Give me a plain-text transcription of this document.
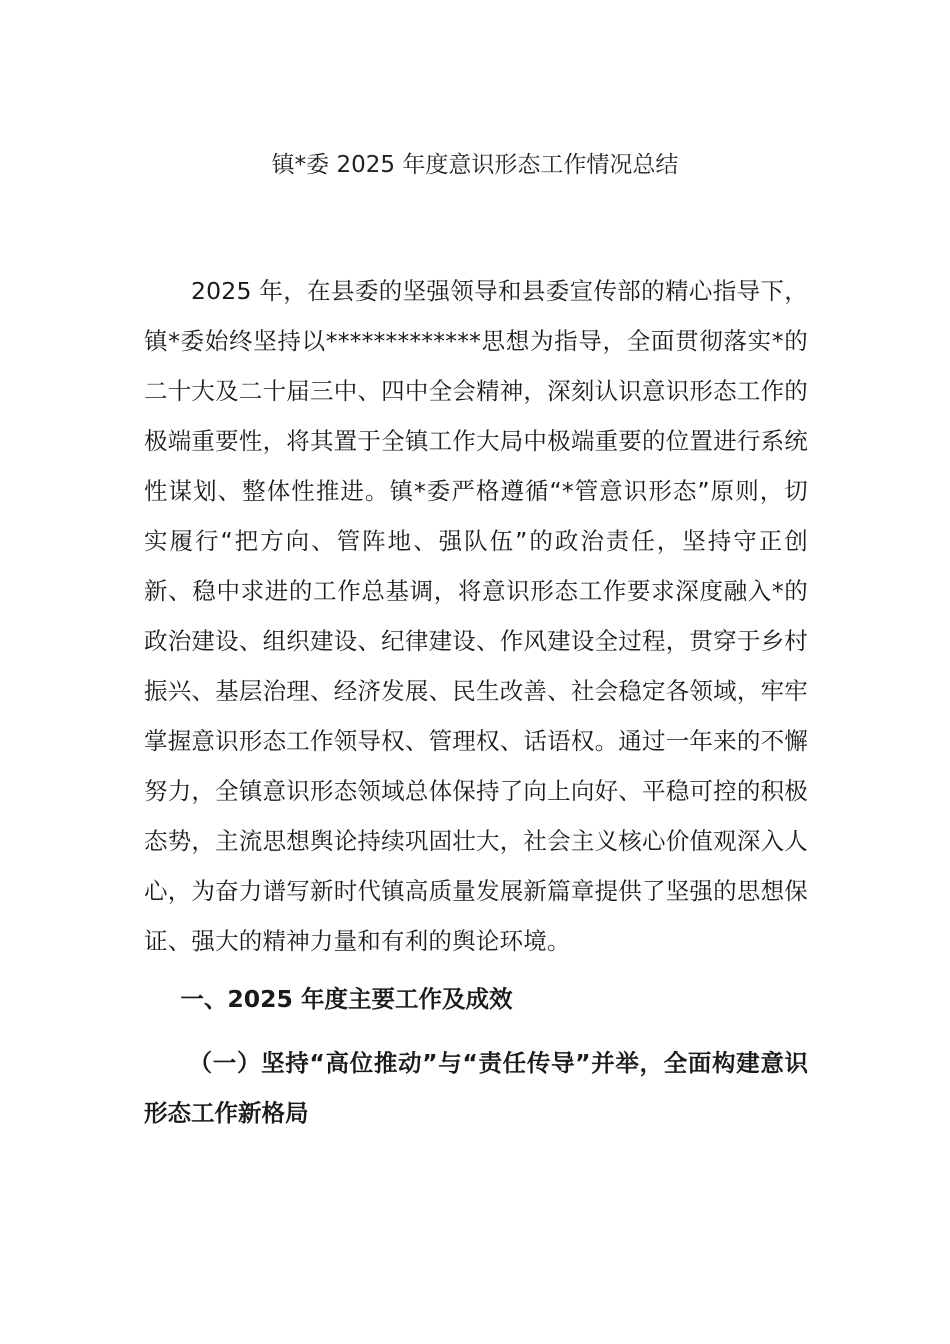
镇*委 2025 年度意识形态工作情况总结

2025 年，在县委的坚强领导和县委宣传部的精心指导下，镇*委始终坚持以*************思想为指导，全面贯彻落实*的二十大及二十届三中、四中全会精神，深刻认识意识形态工作的极端重要性，将其置于全镇工作大局中极端重要的位置进行系统性谋划、整体性推进。镇*委严格遵循“*管意识形态”原则，切实履行“把方向、管阵地、强队伍”的政治责任，坚持守正创新、稳中求进的工作总基调，将意识形态工作要求深度融入*的政治建设、组织建设、纪律建设、作风建设全过程，贯穿于乡村振兴、基层治理、经济发展、民生改善、社会稳定各领域，牢牢掌握意识形态工作领导权、管理权、话语权。通过一年来的不懈努力，全镇意识形态领域总体保持了向上向好、平稳可控的积极态势，主流思想舆论持续巩固壮大，社会主义核心价值观深入人心，为奋力谱写新时代镇高质量发展新篇章提供了坚强的思想保证、强大的精神力量和有利的舆论环境。

一、2025 年度主要工作及成效

（一）坚持“高位推动”与“责任传导”并举，全面构建意识形态工作新格局
